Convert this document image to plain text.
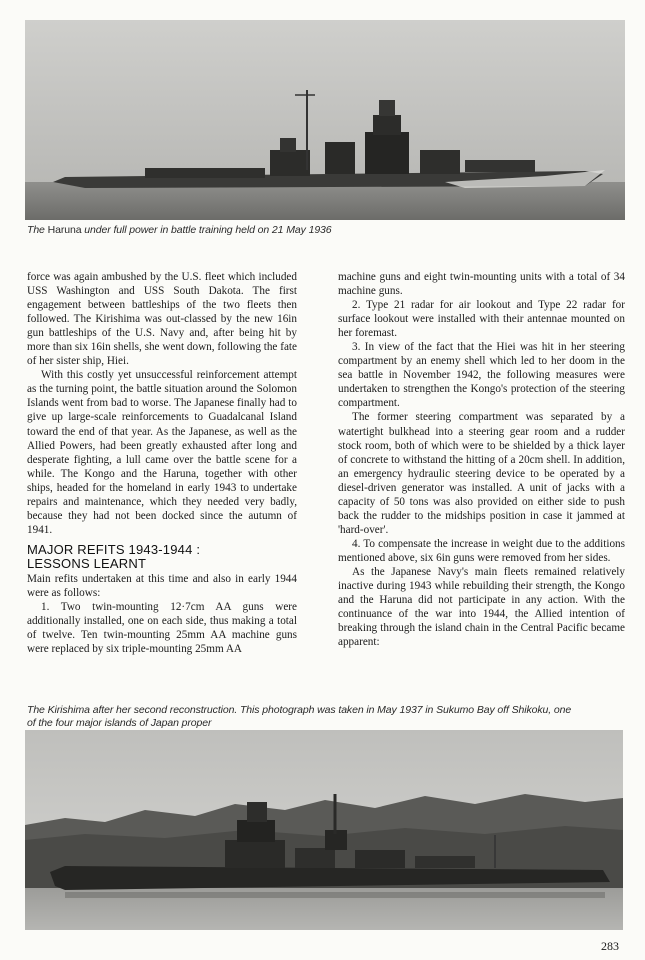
The Haruna under full power in battle training held on 21 May 1936

force was again ambushed by the U.S. fleet which included USS Washington and USS South Dakota. The first engagement between battleships of the two fleets then followed. The Kirishima was out-classed by the new 16in gun battleships of the U.S. Navy and, after being hit by more than six 16in shells, she went down, following the fate of her sister ship, Hiei.

With this costly yet unsuccessful reinforcement attempt as the turning point, the battle situation around the Solomon Islands went from bad to worse. The Japanese finally had to give up large-scale reinforcements to Guadalcanal Island toward the end of that year. As the Japanese, as well as the Allied Powers, had been greatly exhausted after long and desperate fighting, a lull came over the battle scene for a while. The Kongo and the Haruna, together with other ships, headed for the homeland in early 1943 to undertake repairs and maintenance, which they needed very badly, because they had not been docked since the autumn of 1941.

MAJOR REFITS 1943-1944 :
LESSONS LEARNT

Main refits undertaken at this time and also in early 1944 were as follows:

1. Two twin-mounting 12·7cm AA guns were additionally installed, one on each side, thus making a total of twelve. Ten twin-mounting 25mm AA machine guns were replaced by six triple-mounting 25mm AA

machine guns and eight twin-mounting units with a total of 34 machine guns.

2. Type 21 radar for air lookout and Type 22 radar for surface lookout were installed with their antennae mounted on her foremast.

3. In view of the fact that the Hiei was hit in her steering compartment by an enemy shell which led to her doom in the sea battle in November 1942, the following measures were undertaken to strengthen the Kongo's protection of the steering compartment.

The former steering compartment was separated by a watertight bulkhead into a steering gear room and a rudder stock room, both of which were to be shielded by a thick layer of concrete to withstand the hitting of a 20cm shell. In addition, an emergency hydraulic steering device to be operated by a diesel-driven generator was installed. A unit of jacks with a capacity of 50 tons was also provided on either side to push back the rudder to the midships position in case it jammed at 'hard-over'.

4. To compensate the increase in weight due to the additions mentioned above, six 6in guns were removed from her sides.

As the Japanese Navy's main fleets remained relatively inactive during 1943 while rebuilding their strength, the Kongo and the Haruna did not participate in any action. With the continuance of the war into 1944, the Allied intention of breaking through the island chain in the Central Pacific became apparent:

The Kirishima after her second reconstruction. This photograph was taken in May 1937 in Sukumo Bay off Shikoku, one
of the four major islands of Japan proper
283
